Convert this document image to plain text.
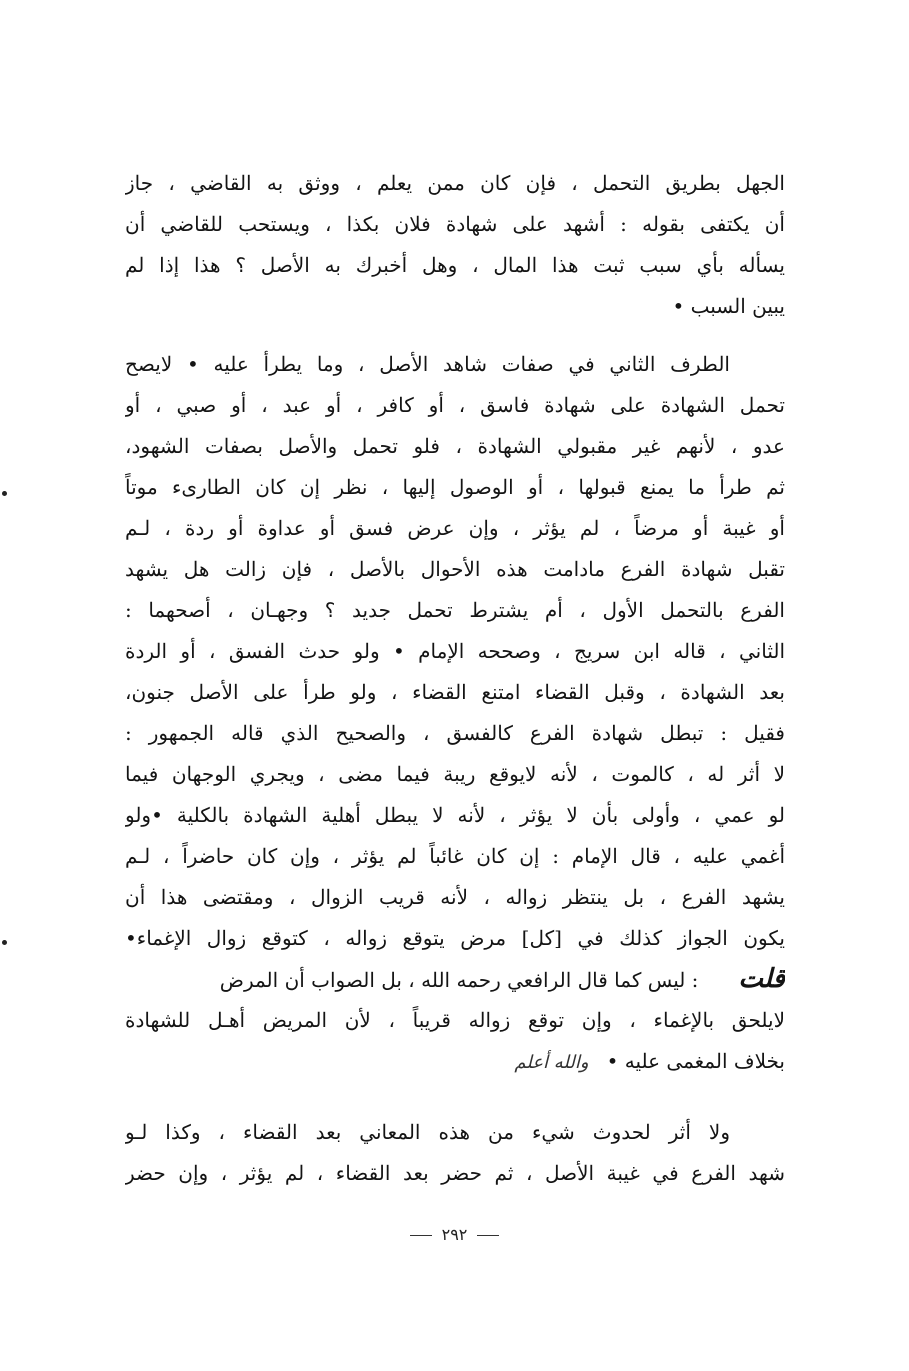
الجهل بطريق التحمل ، فإن كان ممن يعلم ، ووثق به القاضي ، جاز
أن يكتفى بقوله : أشهد على شهادة فلان بكذا ، ويستحب للقاضي أن
يسأله بأي سبب ثبت هذا المال ، وهل أخبرك به الأصل ؟ هذا إذا لم
يبين السبب •
الطرف الثاني في صفات شاهد الأصل ، وما يطرأ عليه • لايصح
تحمل الشهادة على شهادة فاسق ، أو كافر ، أو عبد ، أو صبي ، أو
عدو ، لأنهم غير مقبولي الشهادة ، فلو تحمل والأصل بصفات الشهود،
ثم طرأ ما يمنع قبولها ، أو الوصول إليها ، نظر إن كان الطارىء موتاً
أو غيبة أو مرضاً ، لم يؤثر ، وإن عرض فسق أو عداوة أو ردة ، لـم
تقبل شهادة الفرع مادامت هذه الأحوال بالأصل ، فإن زالت هل يشهد
الفرع بالتحمل الأول ، أم يشترط تحمل جديد ؟ وجهـان ، أصحهما :
الثاني ، قاله ابن سريج ، وصححه الإمام • ولو حدث الفسق ، أو الردة
بعد الشهادة ، وقبل القضاء امتنع القضاء ، ولو طرأ على الأصل جنون،
فقيل : تبطل شهادة الفرع كالفسق ، والصحيح الذي قاله الجمهور :
لا أثر له ، كالموت ، لأنه لايوقع ريبة فيما مضى ، ويجري الوجهان فيما
لو عمي ، وأولى بأن لا يؤثر ، لأنه لا يبطل أهلية الشهادة بالكلية •ولو
أغمي عليه ، قال الإمام : إن كان غائباً لم يؤثر ، وإن كان حاضراً ، لـم
يشهد الفرع ، بل ينتظر زواله ، لأنه قريب الزوال ، ومقتضى هذا أن
يكون الجواز كذلك في [كل] مرض يتوقع زواله ، كتوقع زوال الإغماء•
قلت: ليس كما قال الرافعي رحمه الله ، بل الصواب أن المرض
لايلحق بالإغماء ، وإن توقع زواله قريباً ، لأن المريض أهـل للشهادة
بخلاف المغمى عليه •والله أعلم
ولا أثر لحدوث شيء من هذه المعاني بعد القضاء ، وكذا لـو
شهد الفرع في غيبة الأصل ، ثم حضر بعد القضاء ، لم يؤثر ، وإن حضر
٢٩٢
